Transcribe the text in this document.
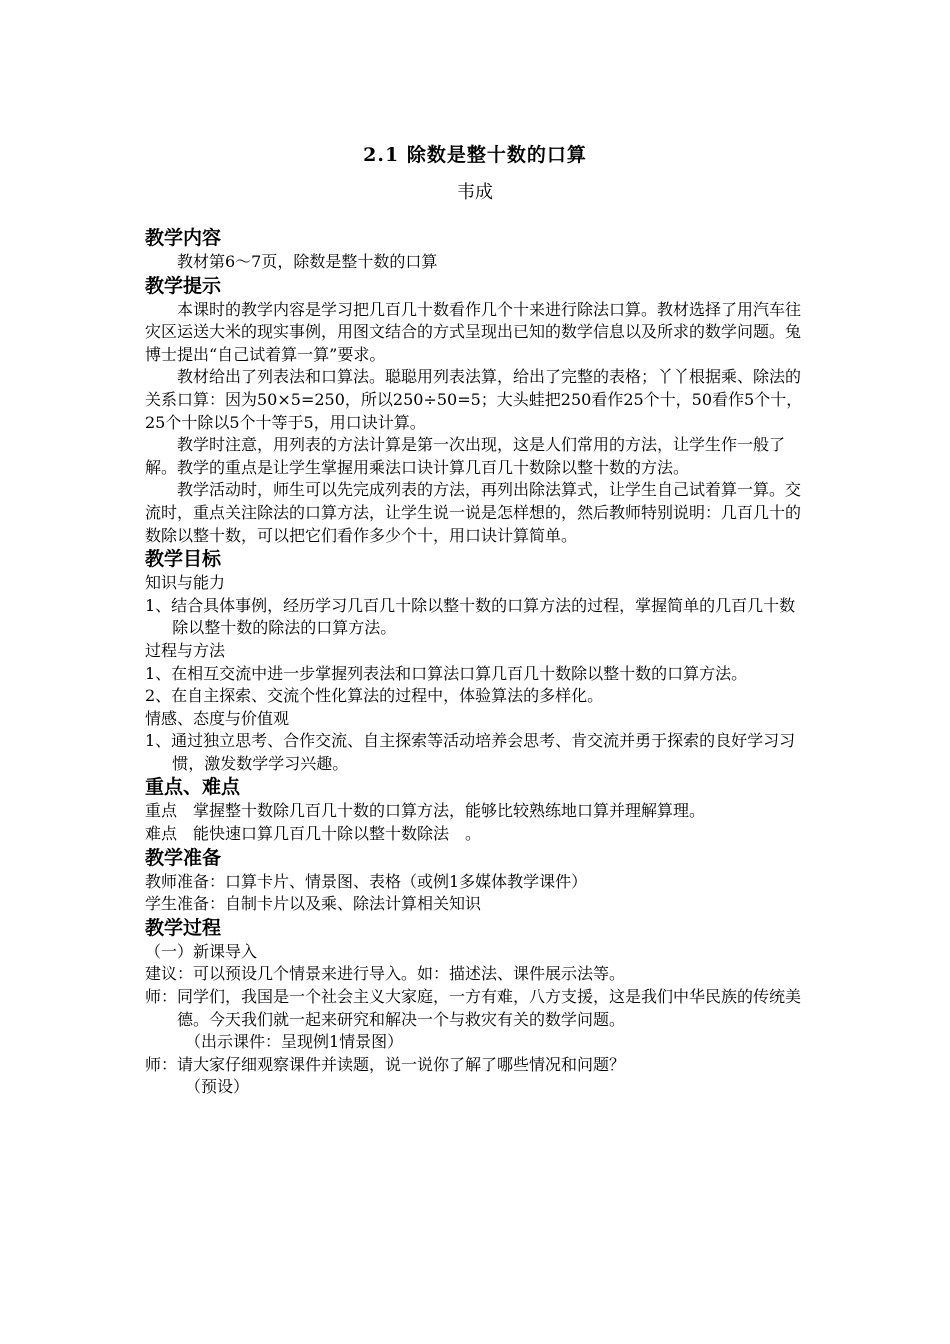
2.1 除数是整十数的口算
韦成

教学内容

教材第6～7页，除数是整十数的口算

教学提示

本课时的教学内容是学习把几百几十数看作几个十来进行除法口算。教材选择了用汽车往灾区运送大米的现实事例，用图文结合的方式呈现出已知的数学信息以及所求的数学问题。兔博士提出“自己试着算一算”要求。

教材给出了列表法和口算法。聪聪用列表法算，给出了完整的表格；丫丫根据乘、除法的关系口算：因为50×5=250，所以250÷50=5；大头蛙把250看作25个十，50看作5个十，25个十除以5个十等于5，用口诀计算。

教学时注意，用列表的方法计算是第一次出现，这是人们常用的方法，让学生作一般了解。教学的重点是让学生掌握用乘法口诀计算几百几十数除以整十数的方法。

教学活动时，师生可以先完成列表的方法，再列出除法算式，让学生自己试着算一算。交流时，重点关注除法的口算方法，让学生说一说是怎样想的，然后教师特别说明：几百几十的数除以整十数，可以把它们看作多少个十，用口诀计算简单。

教学目标

知识与能力

1、结合具体事例，经历学习几百几十除以整十数的口算方法的过程，掌握简单的几百几十数除以整十数的除法的口算方法。

过程与方法

1、在相互交流中进一步掌握列表法和口算法口算几百几十数除以整十数的口算方法。

2、在自主探索、交流个性化算法的过程中，体验算法的多样化。

情感、态度与价值观

1、通过独立思考、合作交流、自主探索等活动培养会思考、肯交流并勇于探索的良好学习习惯，激发数学学习兴趣。

重点、难点

重点　掌握整十数除几百几十数的口算方法，能够比较熟练地口算并理解算理。

难点　能快速口算几百几十除以整十数除法　。

教学准备

教师准备：口算卡片、情景图、表格（或例1多媒体教学课件）

学生准备：自制卡片以及乘、除法计算相关知识

教学过程

（一）新课导入

建议：可以预设几个情景来进行导入。如：描述法、课件展示法等。

师：同学们，我国是一个社会主义大家庭，一方有难，八方支援，这是我们中华民族的传统美德。今天我们就一起来研究和解决一个与救灾有关的数学问题。

（出示课件：呈现例1情景图）

师：请大家仔细观察课件并读题，说一说你了解了哪些情况和问题？

（预设）
